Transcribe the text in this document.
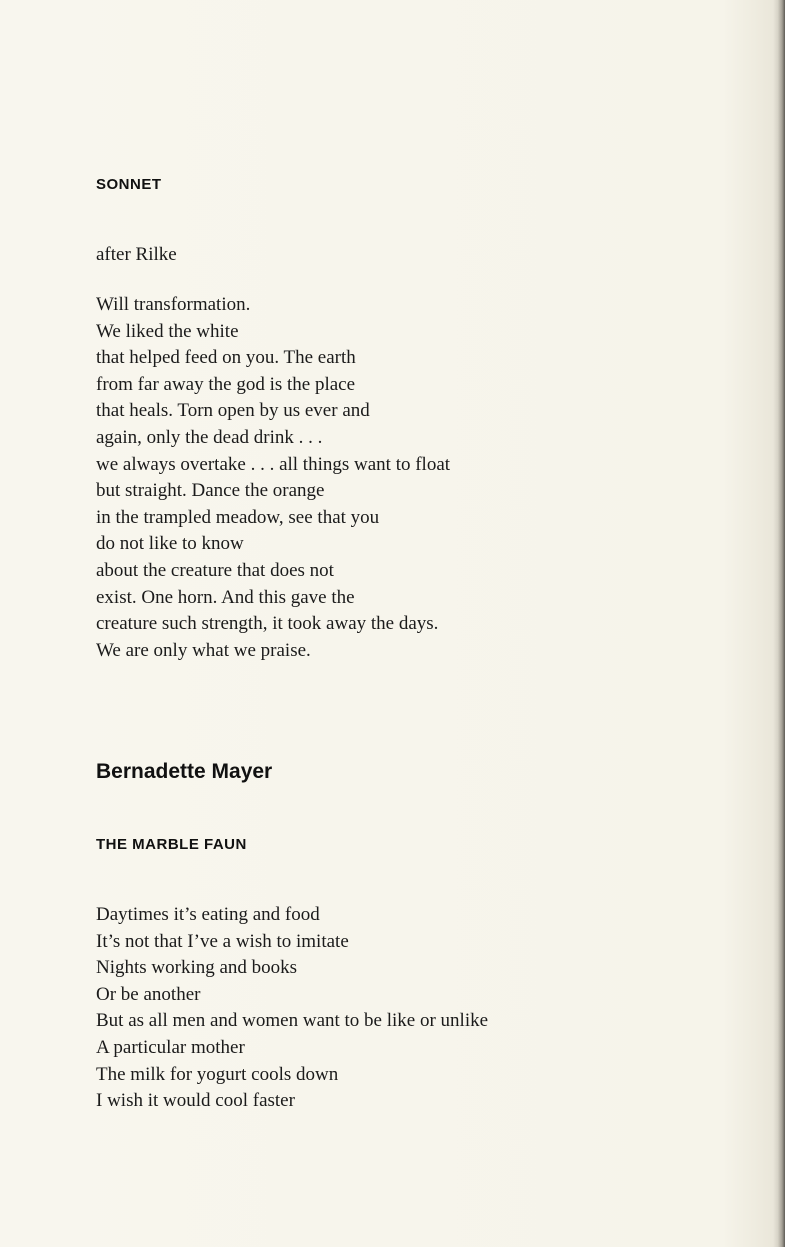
SONNET
after Rilke
Will transformation.
We liked the white
that helped feed on you. The earth
from far away the god is the place
that heals. Torn open by us ever and
again, only the dead drink . . .
we always overtake . . . all things want to float
but straight. Dance the orange
in the trampled meadow, see that you
do not like to know
about the creature that does not
exist. One horn. And this gave the
creature such strength, it took away the days.
We are only what we praise.
Bernadette Mayer
THE MARBLE FAUN
Daytimes it’s eating and food
It’s not that I’ve a wish to imitate
Nights working and books
Or be another
But as all men and women want to be like or unlike
A particular mother
The milk for yogurt cools down
I wish it would cool faster
